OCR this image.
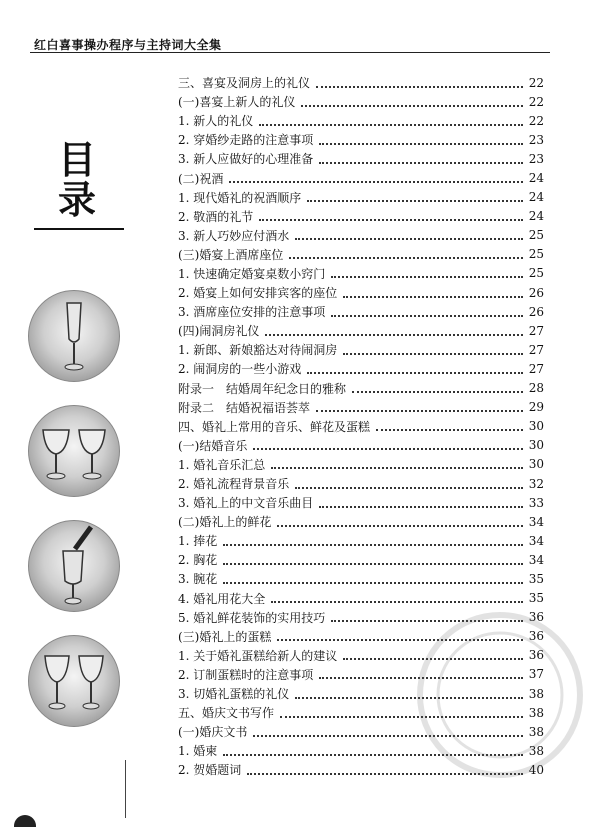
红白喜事操办程序与主持词大全集
目
录
三、喜宴及洞房上的礼仪	22
(一)喜宴上新人的礼仪	22
1. 新人的礼仪	22
2. 穿婚纱走路的注意事项	23
3. 新人应做好的心理准备	23
(二)祝酒	24
1. 现代婚礼的祝酒顺序	24
2. 敬酒的礼节	24
3. 新人巧妙应付酒水	25
(三)婚宴上酒席座位	25
1. 快速确定婚宴桌数小窍门	25
2. 婚宴上如何安排宾客的座位	26
3. 酒席座位安排的注意事项	26
(四)闹洞房礼仪	27
1. 新郎、新娘豁达对待闹洞房	27
2. 闹洞房的一些小游戏	27
附录一　结婚周年纪念日的雅称	28
附录二　结婚祝福语荟萃	29
四、婚礼上常用的音乐、鲜花及蛋糕	30
(一)结婚音乐	30
1. 婚礼音乐汇总	30
2. 婚礼流程背景音乐	32
3. 婚礼上的中文音乐曲目	33
(二)婚礼上的鲜花	34
1. 捧花	34
2. 胸花	34
3. 腕花	35
4. 婚礼用花大全	35
5. 婚礼鲜花装饰的实用技巧	36
(三)婚礼上的蛋糕	36
1. 关于婚礼蛋糕给新人的建议	36
2. 订制蛋糕时的注意事项	37
3. 切婚礼蛋糕的礼仪	38
五、婚庆文书写作	38
(一)婚庆文书	38
1. 婚柬	38
2. 贺婚题词	40
